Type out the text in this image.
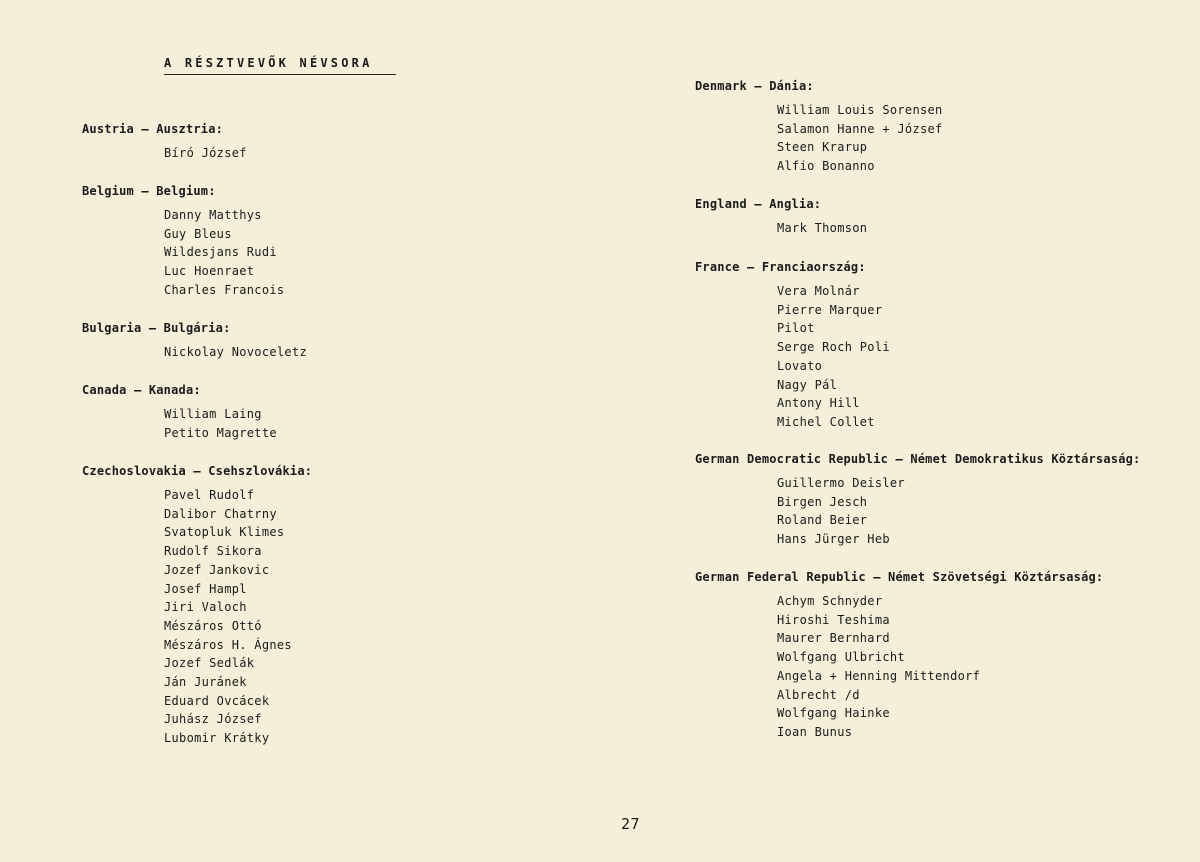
A RÉSZTVEVŐK NÉVSORA
Austria — Ausztria:
Bíró József
Belgium — Belgium:
Danny Matthys
Guy Bleus
Wildesjans Rudi
Luc Hoenraet
Charles Francois
Bulgaria — Bulgária:
Nickolay Novoceletz
Canada — Kanada:
William Laing
Petito Magrette
Czechoslovakia — Csehszlovákia:
Pavel Rudolf
Dalibor Chatrny
Svatopluk Klimes
Rudolf Sikora
Jozef Jankovic
Josef Hampl
Jiri Valoch
Mészáros Ottó
Mészáros H. Ágnes
Jozef Sedlák
Ján Juránek
Eduard Ovcácek
Juhász József
Lubomir Krátky
Denmark — Dánia:
William Louis Sorensen
Salamon Hanne + József
Steen Krarup
Alfio Bonanno
England — Anglia:
Mark Thomson
France — Franciaország:
Vera Molnár
Pierre Marquer
Pilot
Serge Roch Poli
Lovato
Nagy Pál
Antony Hill
Michel Collet
German Democratic Republic — Német Demokratikus Köztársaság:
Guillermo Deisler
Birgen Jesch
Roland Beier
Hans Jürger Heb
German Federal Republic — Német Szövetségi Köztársaság:
Achym Schnyder
Hiroshi Teshima
Maurer Bernhard
Wolfgang Ulbricht
Angela + Henning Mittendorf
Albrecht /d
Wolfgang Hainke
Ioan Bunus
27
